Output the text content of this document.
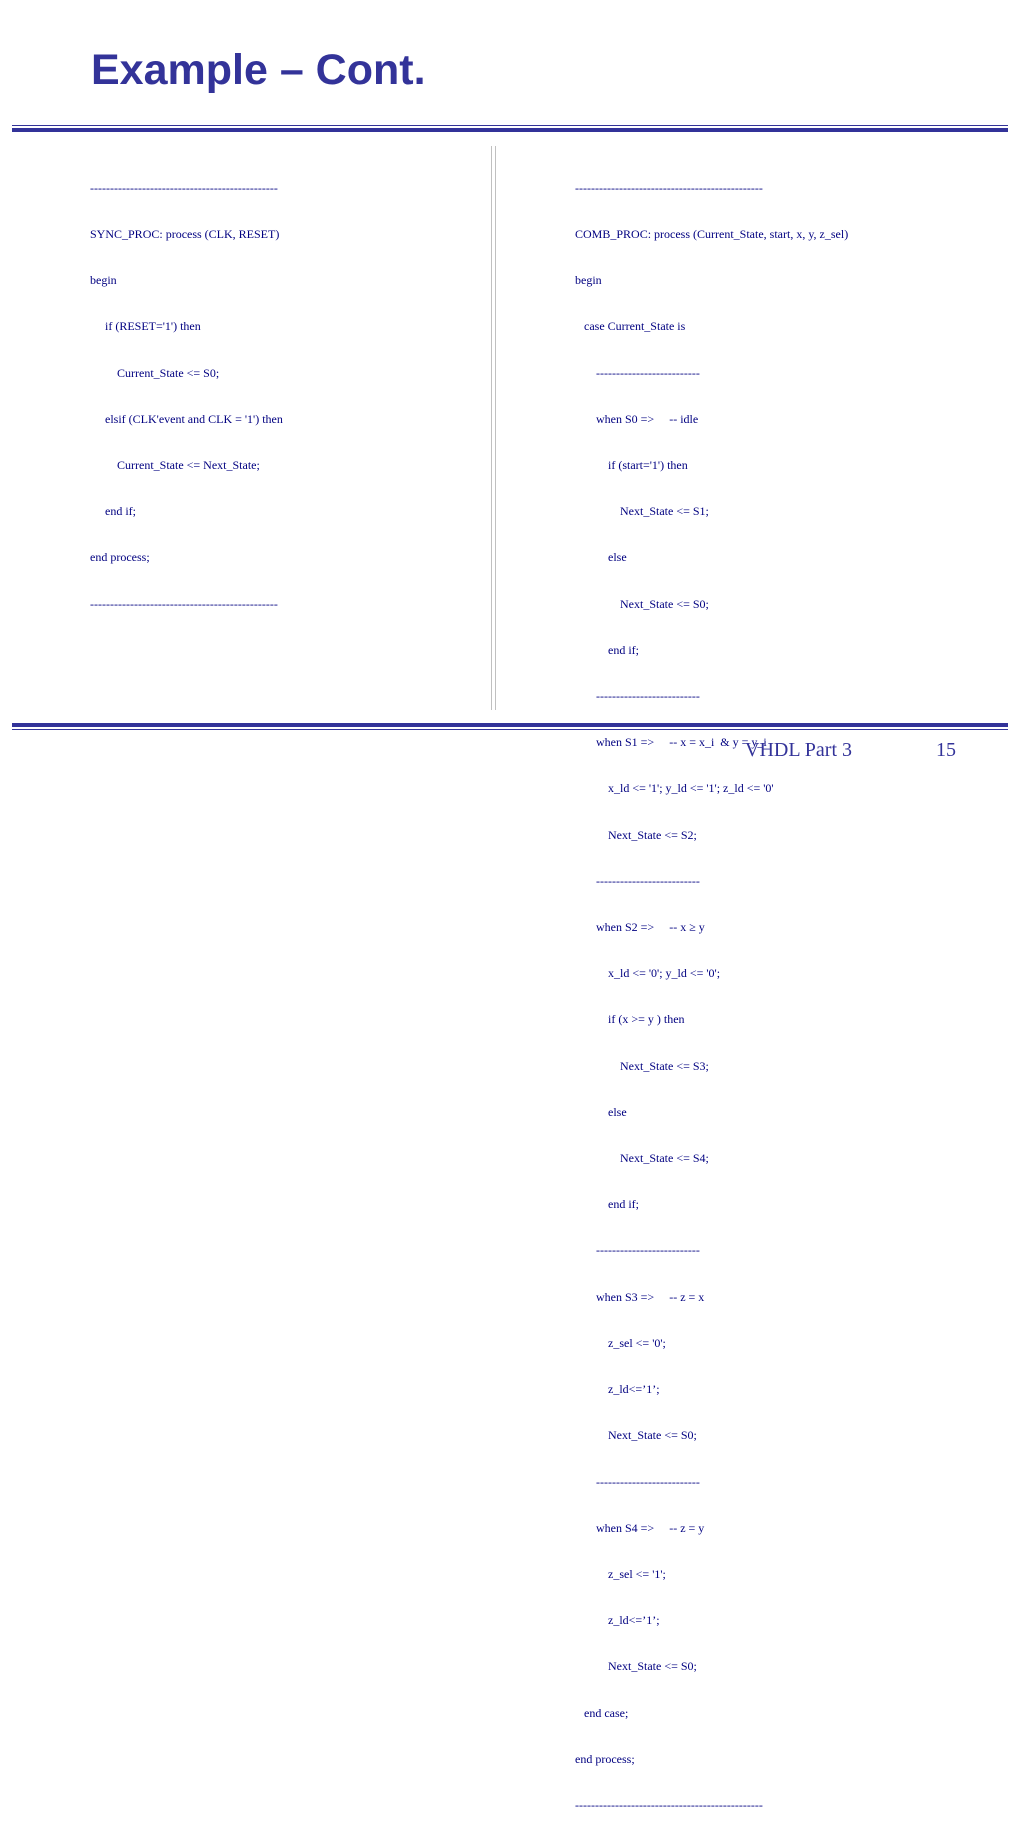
Example – Cont.

-----------------------------------------------

SYNC_PROC: process (CLK, RESET)

begin

if (RESET='1') then

Current_State <= S0;

elsif (CLK'event and CLK = '1') then

Current_State <= Next_State;

end if;

end process;

-----------------------------------------------

-----------------------------------------------

COMB_PROC: process (Current_State, start, x, y, z_sel)

begin

case Current_State is

--------------------------

when S0 =>     -- idle

if (start='1') then

Next_State <= S1;

else

Next_State <= S0;

end if;

--------------------------

when S1 =>     -- x = x_i  & y = y_i

x_ld <= '1'; y_ld <= '1'; z_ld <= '0'

Next_State <= S2;

--------------------------

when S2 =>     -- x ≥ y

x_ld <= '0'; y_ld <= '0';

if (x >= y ) then

Next_State <= S3;

else

Next_State <= S4;

end if;

--------------------------

when S3 =>     -- z = x

z_sel <= '0';

z_ld<=’1’;

Next_State <= S0;

--------------------------

when S4 =>     -- z = y

z_sel <= '1';

z_ld<=’1’;

Next_State <= S0;

end case;

end process;

-----------------------------------------------

VHDL Part 3	15
